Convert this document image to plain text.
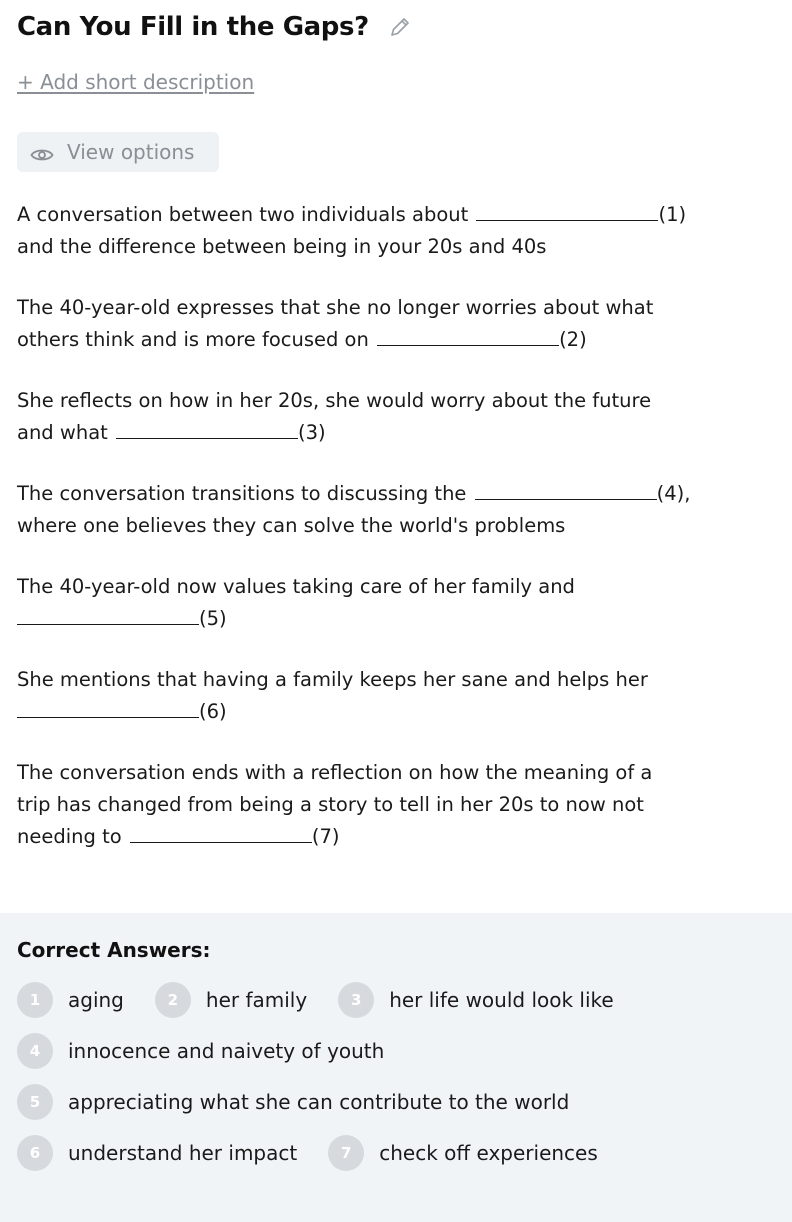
Can You Fill in the Gaps?
+ Add short description
View options

A conversation between two individuals about	(1)
and the difference between being in your 20s and 40s

The 40-year-old expresses that she no longer worries about what
others think and is more focused on	(2)

She reflects on how in her 20s, she would worry about the future
and what	(3)

The conversation transitions to discussing the	(4),
where one believes they can solve the world's problems

The 40-year-old now values taking care of her family and
(5)

She mentions that having a family keeps her sane and helps her
(6)

The conversation ends with a reflection on how the meaning of a
trip has changed from being a story to tell in her 20s to now not
needing to	(7)

Correct Answers:
1	aging	2	her family	3	her life would look like
4	innocence and naivety of youth
5	appreciating what she can contribute to the world
6	understand her impact	7	check off experiences
